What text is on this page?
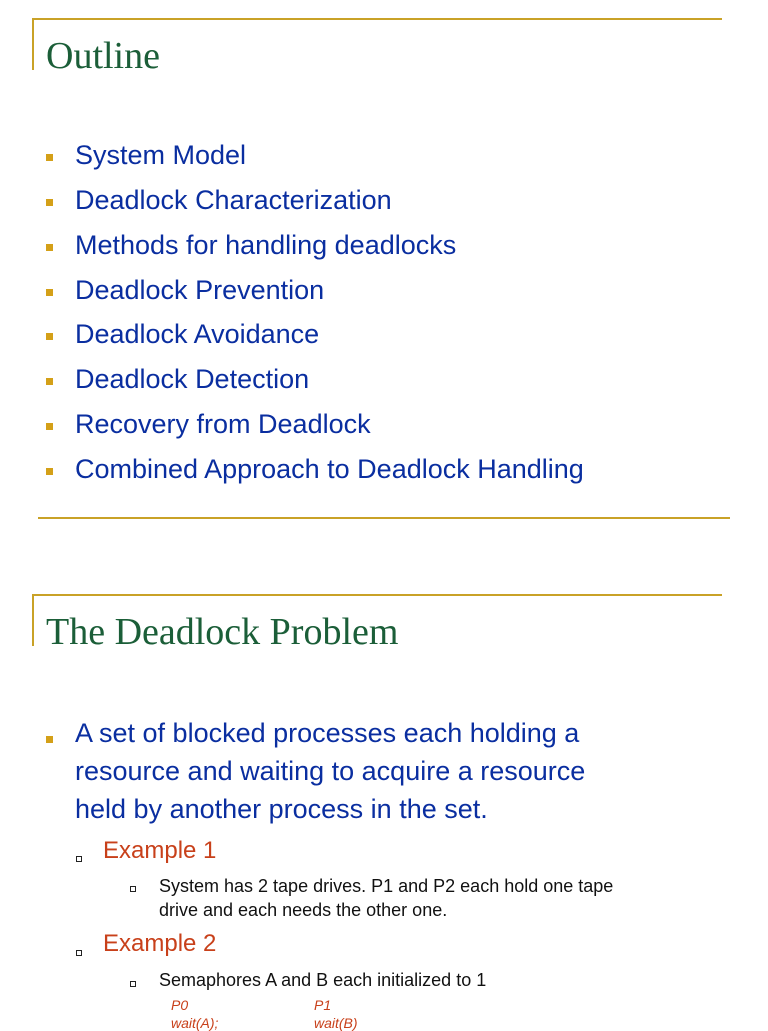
Outline
System Model
Deadlock Characterization
Methods for handling deadlocks
Deadlock Prevention
Deadlock Avoidance
Deadlock Detection
Recovery from Deadlock
Combined Approach to Deadlock Handling
The Deadlock Problem
A set of blocked processes each holding a
resource and waiting to acquire a resource
held by another process in the set.
Example 1
System has 2 tape drives. P1 and P2 each hold one tape
drive and each needs the other one.
Example 2
Semaphores A and B each initialized to 1
P0	P1
wait(A);	wait(B)
